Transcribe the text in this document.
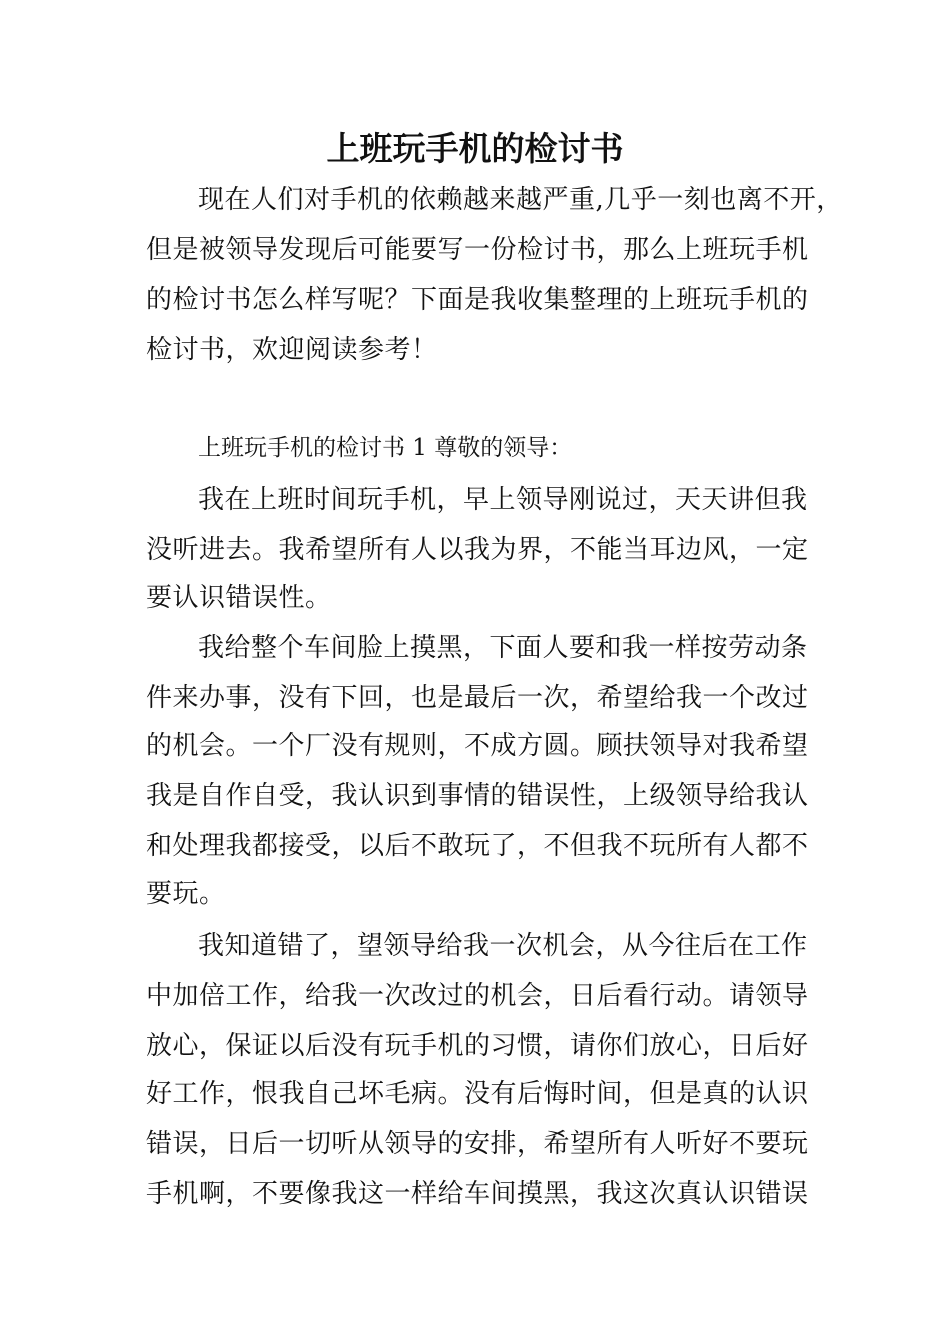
上班玩手机的检讨书
现在人们对手机的依赖越来越严重,几乎一刻也离不开，
但是被领导发现后可能要写一份检讨书，那么上班玩手机
的检讨书怎么样写呢？下面是我收集整理的上班玩手机的
检讨书，欢迎阅读参考！
上班玩手机的检讨书 1 尊敬的领导：
我在上班时间玩手机，早上领导刚说过，天天讲但我
没听进去。我希望所有人以我为界，不能当耳边风，一定
要认识错误性。
我给整个车间脸上摸黑，下面人要和我一样按劳动条
件来办事，没有下回，也是最后一次，希望给我一个改过
的机会。一个厂没有规则，不成方圆。顾扶领导对我希望
我是自作自受，我认识到事情的错误性，上级领导给我认
和处理我都接受，以后不敢玩了，不但我不玩所有人都不
要玩。
我知道错了，望领导给我一次机会，从今往后在工作
中加倍工作，给我一次改过的机会，日后看行动。请领导
放心，保证以后没有玩手机的习惯，请你们放心，日后好
好工作，恨我自己坏毛病。没有后悔时间，但是真的认识
错误，日后一切听从领导的安排，希望所有人听好不要玩
手机啊，不要像我这一样给车间摸黑，我这次真认识错误
